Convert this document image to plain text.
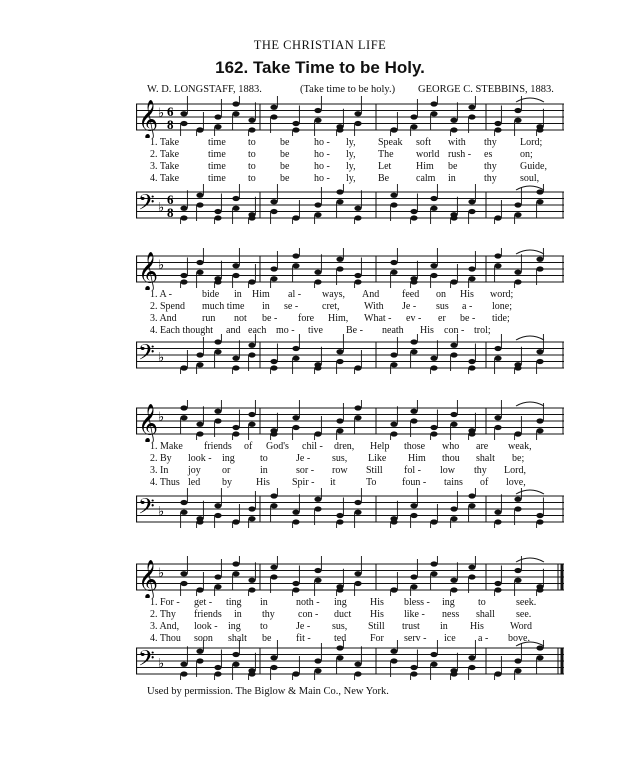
THE CHRISTIAN LIFE
162. Take Time to be Holy.
W. D. LONGSTAFF, 1883.	(Take time to be holy.) GEORGE C. STEBBINS, 1883.
𝄞 ♭ 6
8
1. Take	time	to	be	ho -	ly,	Speak	soft	with	thy	Lord;
2. Take	time	to	be	ho -	ly,	The	world rush -	es	on;
3. Take	time	to	be	ho -	ly,	Let	Him	be	thy	Guide,
4. Take	time	to	be	ho -	ly,	Be	calm	in	thy	soul,
𝄢 ♭ 6
8
𝄞 ♭
1. A -	bide	in	Him	al -	ways,	And	feed	on	His	word;
2. Spend	much time	in	se -	cret,	With	Je -	sus	a -	lone;
3. And	run	not	be -	fore	Him,	What -	ev -	er	be -	tide;
4. Each thought	and each mo -	tive	Be -	neath	His	con - trol;
𝄢 ♭
𝄞 ♭
1. Make	friends	of	God's	chil -	dren,	Help	those	who	are	weak,
2. By	look -	ing	to	Je -	sus,	Like	Him	thou	shalt	be;
3. In	joy	or	in	sor -	row	Still	fol -	low	thy	Lord,
4. Thus led	by	His	Spir -	it	To	foun -	tains	of	love,
𝄢 ♭
𝄞 ♭
1. For -	get -	ting	in	noth -	ing	His	bless -	ing	to	seek.
2. Thy	friends	in	thy	con -	duct	His	like -	ness	shall	see.
3. And,	look -	ing	to	Je -	sus,	Still	trust	in	His	Word
4. Thou	soon	shalt	be	fit -	ted	For	serv -	ice	a -	bove.
𝄢 ♭
Used by permission. The Biglow & Main Co., New York.
